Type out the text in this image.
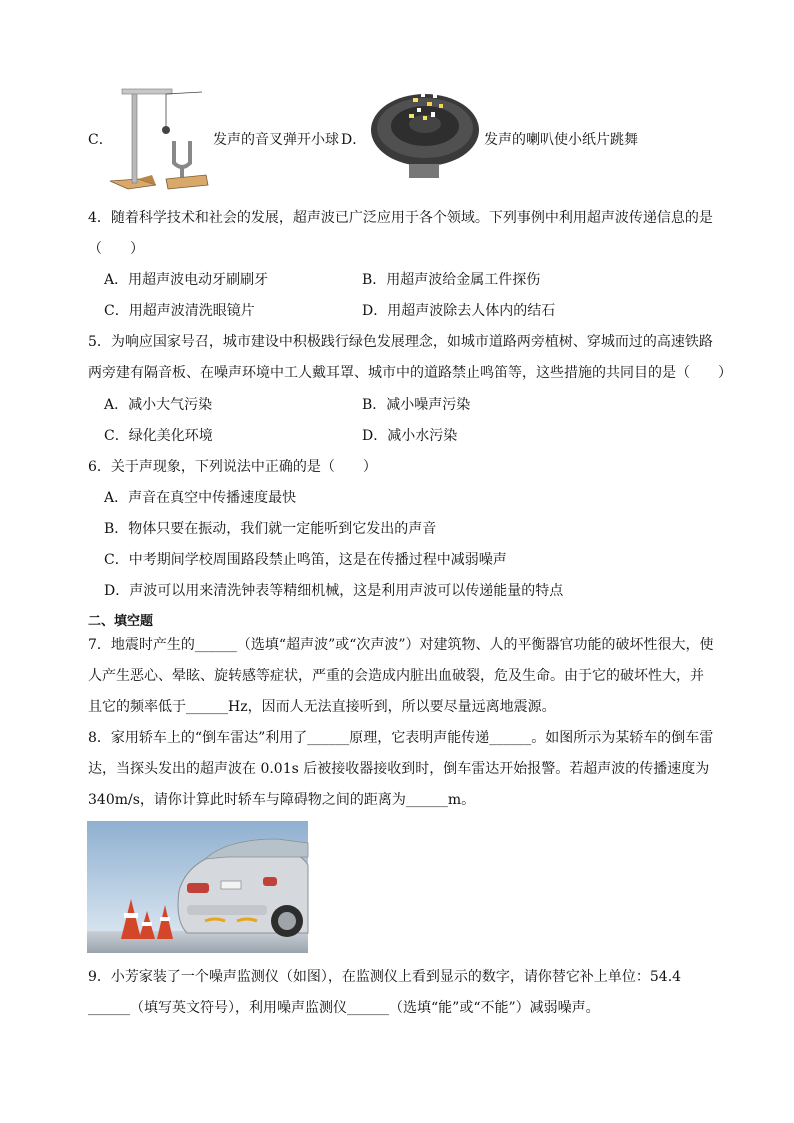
C．	发声的音叉弹开小球 D．	发声的喇叭使小纸片跳舞
4．随着科学技术和社会的发展，超声波已广泛应用于各个领域。下列事例中利用超声波传递信息的是
（　　）
A．用超声波电动牙刷刷牙	B．用超声波给金属工件探伤
C．用超声波清洗眼镜片	D．用超声波除去人体内的结石
5．为响应国家号召，城市建设中积极践行绿色发展理念，如城市道路两旁植树、穿城而过的高速铁路
两旁建有隔音板、在噪声环境中工人戴耳罩、城市中的道路禁止鸣笛等，这些措施的共同目的是（　　）
A．减小大气污染	B．减小噪声污染
C．绿化美化环境	D．减小水污染
6．关于声现象，下列说法中正确的是（　　）
A．声音在真空中传播速度最快
B．物体只要在振动，我们就一定能听到它发出的声音
C．中考期间学校周围路段禁止鸣笛，这是在传播过程中减弱噪声
D．声波可以用来清洗钟表等精细机械，这是利用声波可以传递能量的特点
二、填空题
7．地震时产生的______（选填“超声波”或“次声波”）对建筑物、人的平衡器官功能的破坏性很大，使
人产生恶心、晕眩、旋转感等症状，严重的会造成内脏出血破裂，危及生命。由于它的破坏性大，并
且它的频率低于______Hz，因而人无法直接听到，所以要尽量远离地震源。
8．家用轿车上的“倒车雷达”利用了______原理，它表明声能传递______。如图所示为某轿车的倒车雷
达，当探头发出的超声波在 0.01s 后被接收器接收到时，倒车雷达开始报警。若超声波的传播速度为
340m/s，请你计算此时轿车与障碍物之间的距离为______m。
9．小芳家装了一个噪声监测仪（如图），在监测仪上看到显示的数字，请你替它补上单位：54.4
______（填写英文符号），利用噪声监测仪______（选填“能”或“不能”）减弱噪声。
